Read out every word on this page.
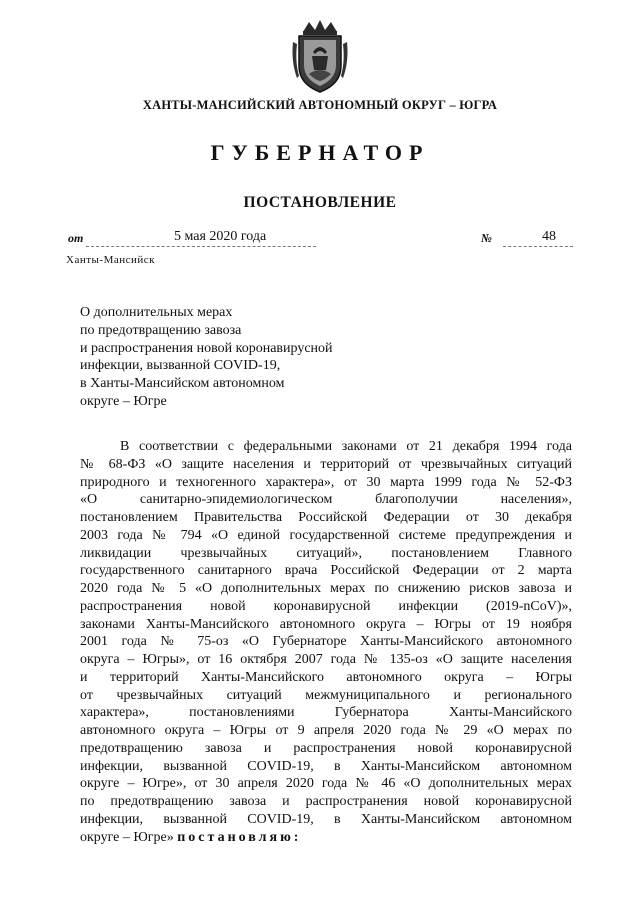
ХАНТЫ-МАНСИЙСКИЙ АВТОНОМНЫЙ ОКРУГ – ЮГРА
ГУБЕРНАТОР
ПОСТАНОВЛЕНИЕ
от	5 мая 2020 года	№	48
Ханты-Мансийск
О дополнительных мерах
по предотвращению завоза
и распространения новой коронавирусной
инфекции, вызванной COVID-19,
в Ханты-Мансийском автономном
округе – Югре
В соответствии с федеральными законами от 21 декабря 1994 года
№ 68-ФЗ «О защите населения и территорий от чрезвычайных ситуаций
природного и техногенного характера», от 30 марта 1999 года № 52-ФЗ
«О санитарно-эпидемиологическом благополучии населения»,
постановлением Правительства Российской Федерации от 30 декабря
2003 года № 794 «О единой государственной системе предупреждения и
ликвидации чрезвычайных ситуаций», постановлением Главного
государственного санитарного врача Российской Федерации от 2 марта
2020 года № 5 «О дополнительных мерах по снижению рисков завоза и
распространения новой коронавирусной инфекции (2019-nCoV)»,
законами Ханты-Мансийского автономного округа – Югры от 19 ноября
2001 года № 75-оз «О Губернаторе Ханты-Мансийского автономного
округа – Югры», от 16 октября 2007 года № 135-оз «О защите населения
и территорий Ханты-Мансийского автономного округа – Югры
от чрезвычайных ситуаций межмуниципального и регионального
характера», постановлениями Губернатора Ханты-Мансийского
автономного округа – Югры от 9 апреля 2020 года № 29 «О мерах по
предотвращению завоза и распространения новой коронавирусной
инфекции, вызванной COVID-19, в Ханты-Мансийском автономном
округе – Югре», от 30 апреля 2020 года № 46 «О дополнительных мерах
по предотвращению завоза и распространения новой коронавирусной
инфекции, вызванной COVID-19, в Ханты-Мансийском автономном
округе – Югре» постановляю:
